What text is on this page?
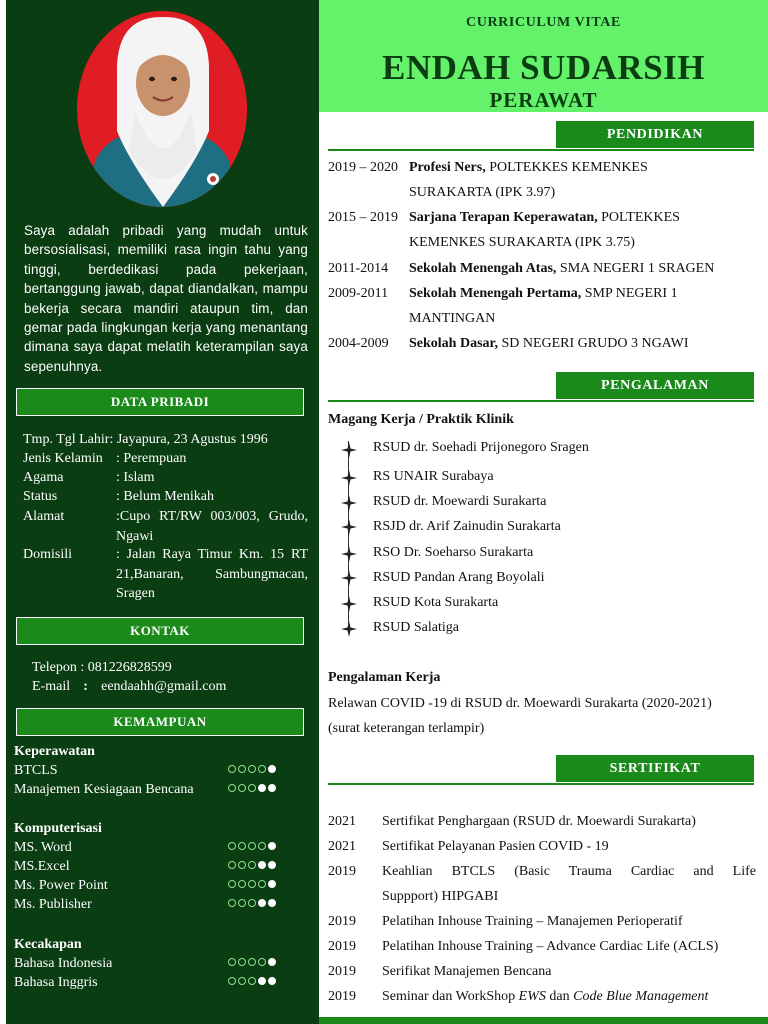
Saya adalah pribadi yang mudah untuk bersosialisasi, memiliki rasa ingin tahu yang tinggi, berdedikasi pada pekerjaan, bertanggung jawab, dapat diandalkan, mampu bekerja secara mandiri ataupun tim, dan gemar pada lingkungan kerja yang menantang dimana saya dapat melatih keterampilan saya sepenuhnya.
DATA PRIBADI
Tmp. Tgl Lahir: Jayapura, 23 Agustus 1996
Jenis Kelamin : Perempuan
Agama	: Islam
Status	: Belum Menikah
Alamat	:Cupo RT/RW 003/003, Grudo, Ngawi
Domisili	: Jalan Raya Timur Km. 15 RT 21,Banaran, Sambungmacan, Sragen
KONTAK
Telepon : 081226828599
E-mail : eendaahh@gmail.com
KEMAMPUAN
Keperawatan
BTCLS
Manajemen Kesiagaan Bencana
Komputerisasi
MS. Word
MS.Excel
Ms. Power Point
Ms. Publisher
Kecakapan
Bahasa Indonesia
Bahasa Inggris
CURRICULUM VITAE
ENDAH SUDARSIH
PERAWAT
PENDIDIKAN
2019 – 2020 Profesi Ners, POLTEKKES KEMENKES
SURAKARTA (IPK 3.97)
2015 – 2019 Sarjana Terapan Keperawatan, POLTEKKES
KEMENKES SURAKARTA (IPK 3.75)
2011-2014 Sekolah Menengah Atas, SMA NEGERI 1 SRAGEN
2009-2011 Sekolah Menengah Pertama, SMP NEGERI 1
MANTINGAN
2004-2009 Sekolah Dasar, SD NEGERI GRUDO 3 NGAWI
PENGALAMAN
Magang Kerja / Praktik Klinik
RSUD dr. Soehadi Prijonegoro Sragen
RS UNAIR Surabaya
RSUD dr. Moewardi Surakarta
RSJD dr. Arif Zainudin Surakarta
RSO Dr. Soeharso Surakarta
RSUD Pandan Arang Boyolali
RSUD Kota Surakarta
RSUD Salatiga
Pengalaman Kerja
Relawan COVID -19 di RSUD dr. Moewardi Surakarta (2020-2021)
(surat keterangan terlampir)
SERTIFIKAT
2021 Sertifikat Penghargaan (RSUD dr. Moewardi Surakarta)
2021 Sertifikat Pelayanan Pasien COVID - 19
2019 Keahlian BTCLS (Basic Trauma Cardiac and Life
Suppport) HIPGABI
2019 Pelatihan Inhouse Training – Manajemen Perioperatif
2019 Pelatihan Inhouse Training – Advance Cardiac Life (ACLS)
2019 Serifikat Manajemen Bencana
2019 Seminar dan WorkShop EWS dan Code Blue Management
